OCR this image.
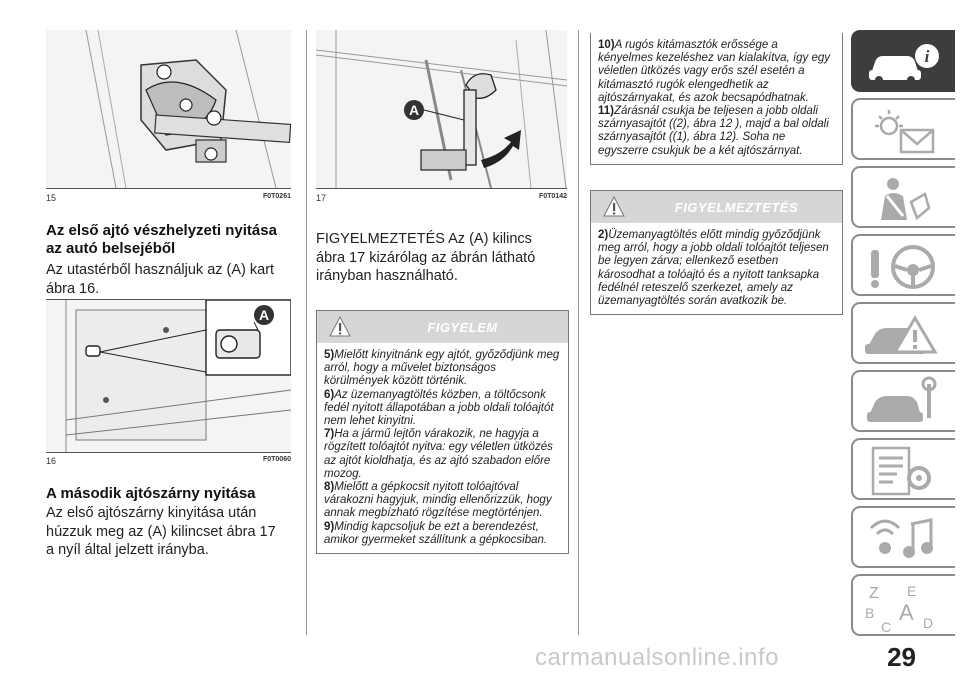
15	F0T0261
Az első ajtó vészhelyzeti nyitása az autó belsejéből
Az utastérből használjuk az (A) kart ábra 16.
A
16	F0T0060
A második ajtószárny nyitása
Az első ajtószárny kinyitása után húzzuk meg az (A) kilincset ábra 17 a nyíl által jelzett irányba.
A
17	F0T0142
FIGYELMEZTETÉS Az (A) kilincs ábra 17 kizárólag az ábrán látható irányban használható.
FIGYELEM

5)Mielőtt kinyitnánk egy ajtót, győződjünk meg arról, hogy a művelet biztonságos körülmények között történik.

6)Az üzemanyagtöltés közben, a töltőcsonk fedél nyitott állapotában a jobb oldali tolóajtót nem lehet kinyitni.

7)Ha a jármű lejtőn várakozik, ne hagyja a rögzített tolóajtót nyitva: egy véletlen ütközés az ajtót kioldhatja, és az ajtó szabadon előre mozog.

8)Mielőtt a gépkocsit nyitott tolóajtóval várakozni hagyjuk, mindig ellenőrizzük, hogy annak megbízható rögzítése megtörténjen.

9)Mindig kapcsoljuk be ezt a berendezést, amikor gyermeket szállítunk a gépkocsiban.

10)A rugós kitámasztók erőssége a kényelmes kezeléshez van kialakítva, így egy véletlen ütközés vagy erős szél esetén a kitámasztó rugók elengedhetik az ajtószárnyakat, és azok becsapódhatnak.

11)Zárásnál csukja be teljesen a jobb oldali szárnyasajtót ((2), ábra 12 ), majd a bal oldali szárnyasajtót ((1), ábra 12). Soha ne egyszerre csukjuk be a két ajtószárnyat.

FIGYELMEZTETÉS

2)Üzemanyagtöltés előtt mindig győződjünk meg arról, hogy a jobb oldali tolóajtót teljesen be legyen zárva; ellenkező esetben károsodhat a tolóajtó és a nyitott tanksapka fedélnél reteszelő szerkezet, amely az üzemanyagtöltés során avatkozik be.

i
Z E
B A
C D
carmanualsonline.info	29
